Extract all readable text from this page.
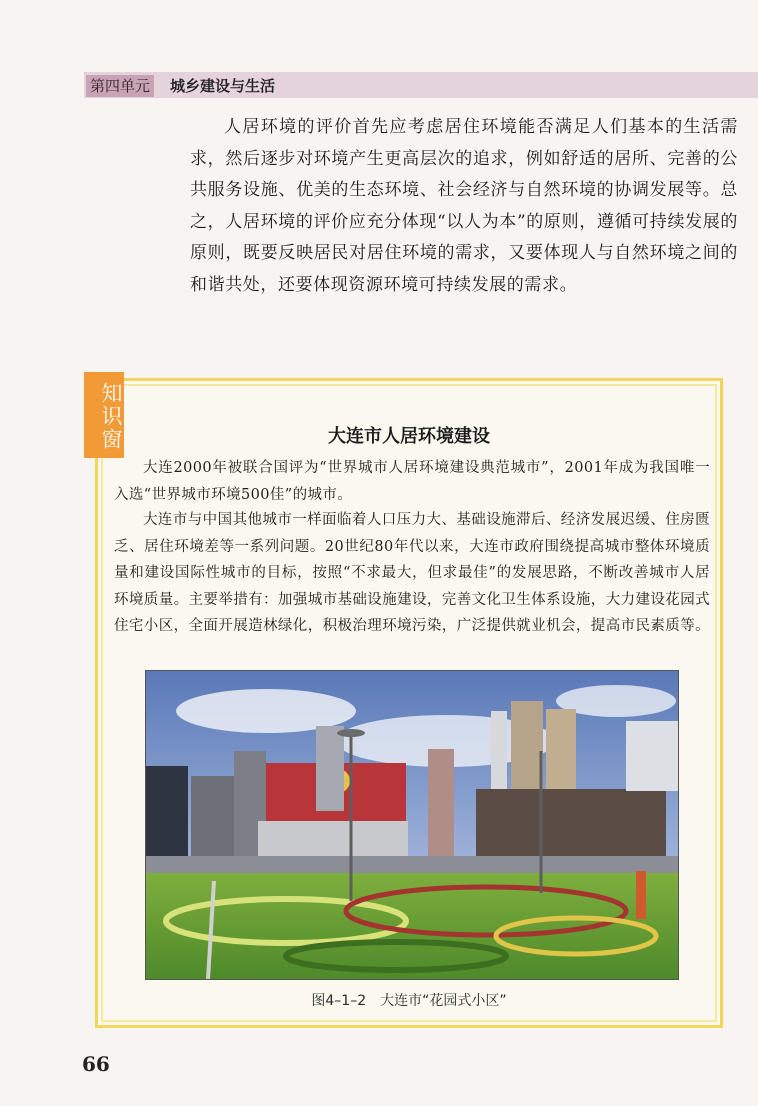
第四单元 城乡建设与生活

人居环境的评价首先应考虑居住环境能否满足人们基本的生活需求，然后逐步对环境产生更高层次的追求，例如舒适的居所、完善的公共服务设施、优美的生态环境、社会经济与自然环境的协调发展等。总之，人居环境的评价应充分体现“以人为本”的原则，遵循可持续发展的原则，既要反映居民对居住环境的需求，又要体现人与自然环境之间的和谐共处，还要体现资源环境可持续发展的需求。

知识窗	大连市人居环境建设

大连2000年被联合国评为“世界城市人居环境建设典范城市”，2001年成为我国唯一入选“世界城市环境500佳”的城市。

大连市与中国其他城市一样面临着人口压力大、基础设施滞后、经济发展迟缓、住房匮乏、居住环境差等一系列问题。20世纪80年代以来，大连市政府围绕提高城市整体环境质量和建设国际性城市的目标，按照“不求最大，但求最佳”的发展思路，不断改善城市人居环境质量。主要举措有：加强城市基础设施建设，完善文化卫生体系设施，大力建设花园式住宅小区，全面开展造林绿化，积极治理环境污染，广泛提供就业机会，提高市民素质等。

图4–1–2　大连市“花园式小区”
66
